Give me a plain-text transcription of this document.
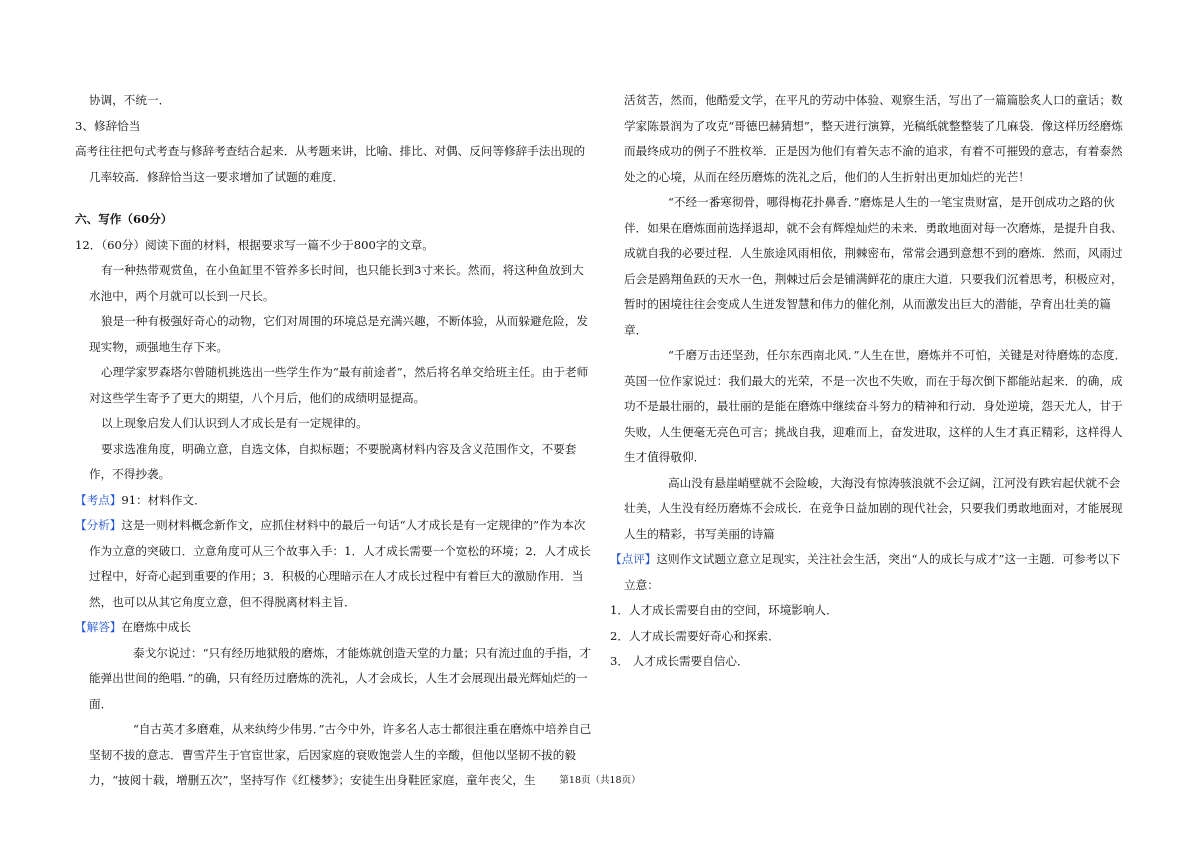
协调，不统一．

3、修辞恰当

高考往往把句式考查与修辞考查结合起来．从考题来讲，比喻、排比、对偶、反问等修辞手法出现的几率较高．修辞恰当这一要求增加了试题的难度．

六、写作（60分）

12．（60分）阅读下面的材料，根据要求写一篇不少于800字的文章。

有一种热带观赏鱼，在小鱼缸里不管养多长时间，也只能长到3寸来长。然而，将这种鱼放到大水池中，两个月就可以长到一尺长。

狼是一种有极强好奇心的动物，它们对周围的环境总是充满兴趣，不断体验，从而躲避危险，发现实物，顽强地生存下来。

心理学家罗森塔尔曾随机挑选出一些学生作为“最有前途者”，然后将名单交给班主任。由于老师对这些学生寄予了更大的期望，八个月后，他们的成绩明显提高。

以上现象启发人们认识到人才成长是有一定规律的。

要求选准角度，明确立意，自选文体，自拟标题；不要脱离材料内容及含义范围作文，不要套作，不得抄袭。

【考点】91：材料作文．

【分析】这是一则材料概念新作文，应抓住材料中的最后一句话“人才成长是有一定规律的”作为本次作为立意的突破口．立意角度可从三个故事入手：1．人才成长需要一个宽松的环境；2．人才成长过程中，好奇心起到重要的作用；3．积极的心理暗示在人才成长过程中有着巨大的激励作用．当然，也可以从其它角度立意，但不得脱离材料主旨．

【解答】在磨炼中成长

泰戈尔说过：“只有经历地狱般的磨炼，才能炼就创造天堂的力量；只有流过血的手指，才能弹出世间的绝唱．”的确，只有经历过磨炼的洗礼，人才会成长，人生才会展现出最光辉灿烂的一面．

“自古英才多磨难，从来纨绔少伟男．”古今中外，许多名人志士都很注重在磨炼中培养自己坚韧不拔的意志．曹雪芹生于官宦世家，后因家庭的衰败饱尝人生的辛酸，但他以坚韧不拔的毅力，“披阅十载，增删五次”，坚持写作《红楼梦》；安徒生出身鞋匠家庭，童年丧父，生

活贫苦，然而，他酷爱文学，在平凡的劳动中体验、观察生活，写出了一篇篇脍炙人口的童话；数学家陈景润为了攻克“哥德巴赫猜想”，整天进行演算，光稿纸就整整装了几麻袋．像这样历经磨炼而最终成功的例子不胜枚举．正是因为他们有着矢志不渝的追求，有着不可摧毁的意志，有着泰然处之的心境，从而在经历磨炼的洗礼之后，他们的人生折射出更加灿烂的光芒！

“不经一番寒彻骨，哪得梅花扑鼻香．”磨炼是人生的一笔宝贵财富，是开创成功之路的伙伴．如果在磨炼面前选择退却，就不会有辉煌灿烂的未来．勇敢地面对每一次磨炼，是提升自我、成就自我的必要过程．人生旅途风雨相依，荆棘密布，常常会遇到意想不到的磨炼．然而，风雨过后会是鸥翔鱼跃的天水一色，荆棘过后会是铺满鲜花的康庄大道．只要我们沉着思考，积极应对，暂时的困境往往会变成人生迸发智慧和伟力的催化剂，从而激发出巨大的潜能，孕育出壮美的篇章．

“千磨万击还坚劲，任尔东西南北风．”人生在世，磨炼并不可怕，关键是对待磨炼的态度．英国一位作家说过：我们最大的光荣，不是一次也不失败，而在于每次倒下都能站起来．的确，成功不是最壮丽的，最壮丽的是能在磨炼中继续奋斗努力的精神和行动．身处逆境，怨天尤人，甘于失败，人生便毫无亮色可言；挑战自我，迎难而上，奋发进取，这样的人生才真正精彩，这样得人生才值得敬仰．

高山没有悬崖峭壁就不会险峻，大海没有惊涛骇浪就不会辽阔，江河没有跌宕起伏就不会壮美，人生没有经历磨炼不会成长．在竞争日益加剧的现代社会，只要我们勇敢地面对，才能展现人生的精彩，书写美丽的诗篇

【点评】这则作文试题立意立足现实，关注社会生活，突出“人的成长与成才”这一主题．可参考以下立意：

1．人才成长需要自由的空间，环境影响人．

2．人才成长需要好奇心和探索．

3． 人才成长需要自信心．

第18页（共18页）
